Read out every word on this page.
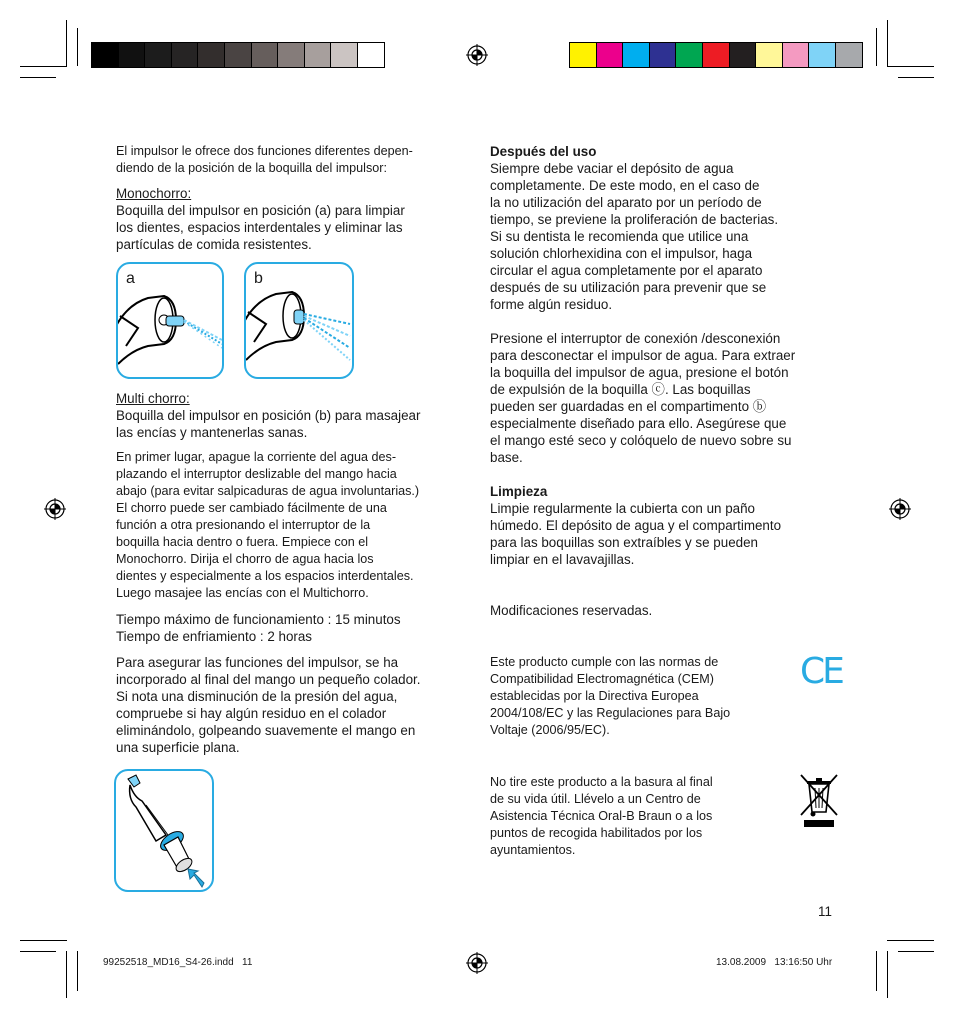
El impulsor le ofrece dos funciones diferentes depen-
diendo de la posición de la boquilla del impulsor:

Monochorro:

Boquilla del impulsor en posición (a) para limpiar
los dientes, espacios interdentales y eliminar las
partículas de comida resistentes.

a	b

Multi chorro:

Boquilla del impulsor en posición (b) para masajear
las encías y mantenerlas sanas.

En primer lugar, apague la corriente del agua des-
plazando el interruptor deslizable del mango hacia
abajo (para evitar salpicaduras de agua involuntarias.)
El chorro puede ser cambiado fácilmente de una
función a otra presionando el interruptor de la
boquilla hacia dentro o fuera. Empiece con el
Monochorro. Dirija el chorro de agua hacia los
dientes y especialmente a los espacios interdentales.
Luego masajee las encías con el Multichorro.

Tiempo máximo de funcionamiento : 15 minutos
Tiempo de enfriamiento : 2 horas

Para asegurar las funciones del impulsor, se ha
incorporado al final del mango un pequeño colador.
Si nota una disminución de la presión del agua,
compruebe si hay algún residuo en el colador
eliminándolo, golpeando suavemente el mango en
una superficie plana.

Después del uso

Siempre debe vaciar el depósito de agua
completamente. De este modo, en el caso de
la no utilización del aparato por un período de
tiempo, se previene la proliferación de bacterias.
Si su dentista le recomienda que utilice una
solución chlorhexidina con el impulsor, haga
circular el agua completamente por el aparato
después de su utilización para prevenir que se
forme algún residuo.

Presione el interruptor de conexión /desconexión
para desconectar el impulsor de agua. Para extraer
la boquilla del impulsor de agua, presione el botón
de expulsión de la boquilla ⓒ. Las boquillas
pueden ser guardadas en el compartimento ⓑ
especialmente diseñado para ello. Asegúrese que
el mango esté seco y colóquelo de nuevo sobre su
base.

Limpieza

Limpie regularmente la cubierta con un paño
húmedo. El depósito de agua y el compartimento
para las boquillas son extraíbles y se pueden
limpiar en el lavavajillas.

Modificaciones reservadas.

Este producto cumple con las normas de
Compatibilidad Electromagnética (CEM)
establecidas por la Directiva Europea
2004/108/EC y las Regulaciones para Bajo
Voltaje (2006/95/EC).

CE

No tire este producto a la basura al final
de su vida útil. Llévelo a un Centro de
Asistencia Técnica Oral-B Braun o a los
puntos de recogida habilitados por los
ayuntamientos.

11
99252518_MD16_S4-26.indd   11	13.08.2009   13:16:50 Uhr
